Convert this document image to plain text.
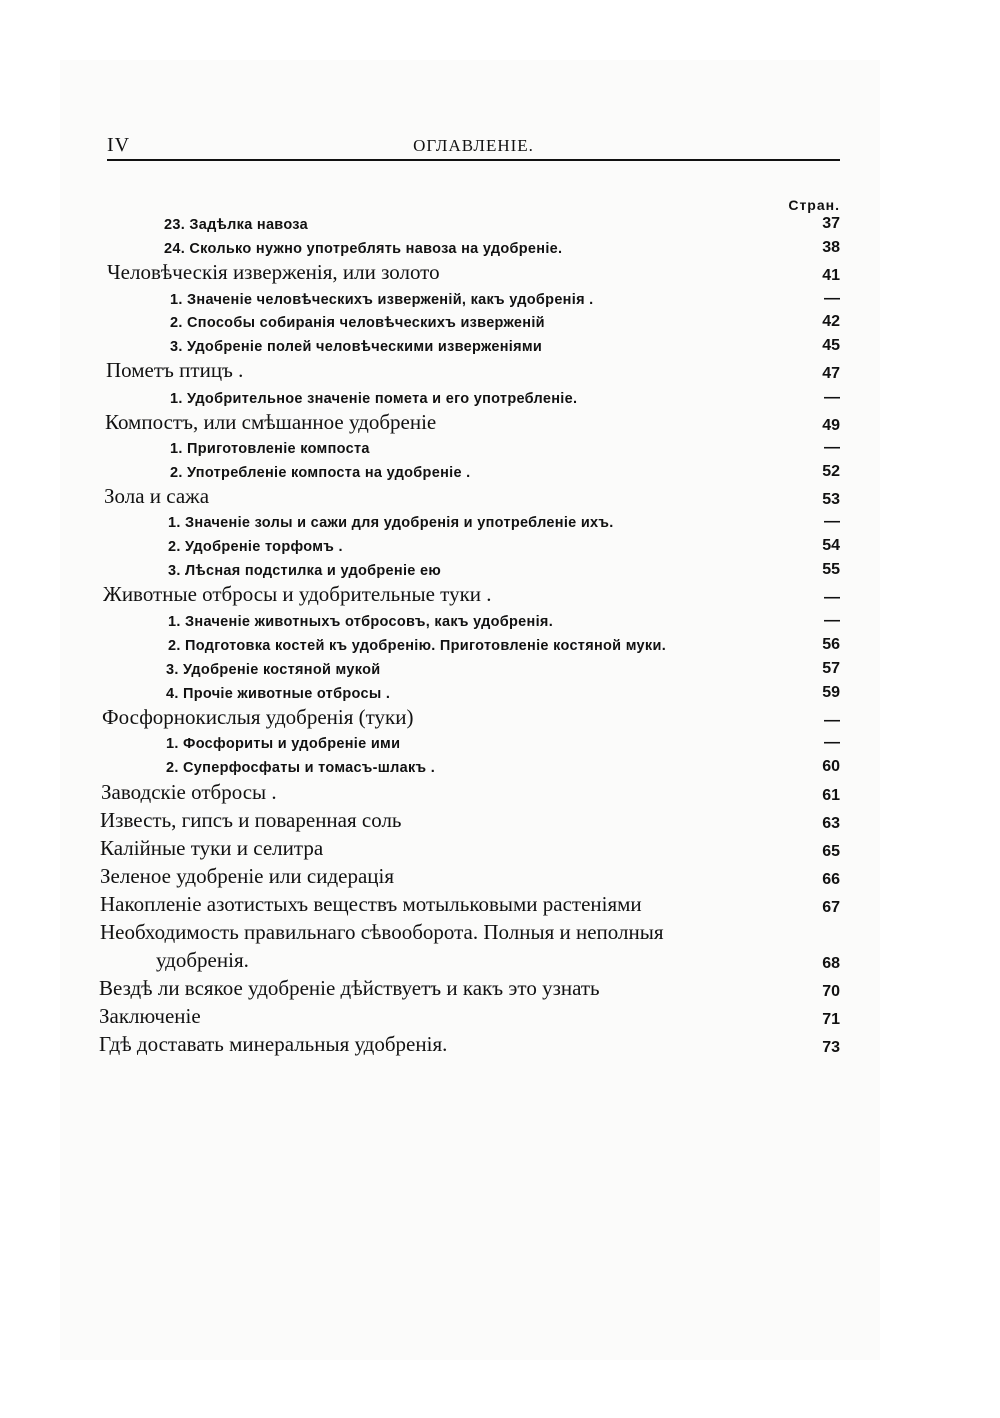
IV	ОГЛАВЛЕНІЕ.
Стран.
23. Задѣлка навоза	37
24. Сколько нужно употреблять навоза на удобреніе.	38
Человѣческія изверженія, или золото	41
1. Значеніе человѣческихъ изверженій, какъ удобренія .	—
2. Способы собиранія человѣческихъ изверженій	42
3. Удобреніе полей человѣческими изверженіями	45
Пометъ птицъ .	47
1. Удобрительное значеніе помета и его употребленіе.	—
Компостъ, или смѣшанное удобреніе	49
1. Приготовленіе компоста	—
2. Употребленіе компоста на удобреніе .	52
Зола и сажа	53
1. Значеніе золы и сажи для удобренія и употребленіе ихъ.	—
2. Удобреніе торфомъ .	54
3. Лѣсная подстилка и удобреніе ею	55
Животные отбросы и удобрительные туки .	—
1. Значеніе животныхъ отбросовъ, какъ удобренія.	—
2. Подготовка костей къ удобренію. Приготовленіе костяной муки.	56
3. Удобреніе костяной мукой	57
4. Прочіе животные отбросы .	59
Фосфорнокислыя удобренія (туки)	—
1. Фосфориты и удобреніе ими	—
2. Суперфосфаты и томасъ-шлакъ .	60
Заводскіе отбросы .	61
Известь, гипсъ и поваренная соль	63
Калійные туки и селитра	65
Зеленое удобреніе или сидерація	66
Накопленіе азотистыхъ веществъ мотыльковыми растеніями	67
Необходимость правильнаго сѣвооборота. Полныя и неполныя
удобренія.	68
Вездѣ ли всякое удобреніе дѣйствуетъ и какъ это узнать	70
Заключеніе	71
Гдѣ доставать минеральныя удобренія.	73
